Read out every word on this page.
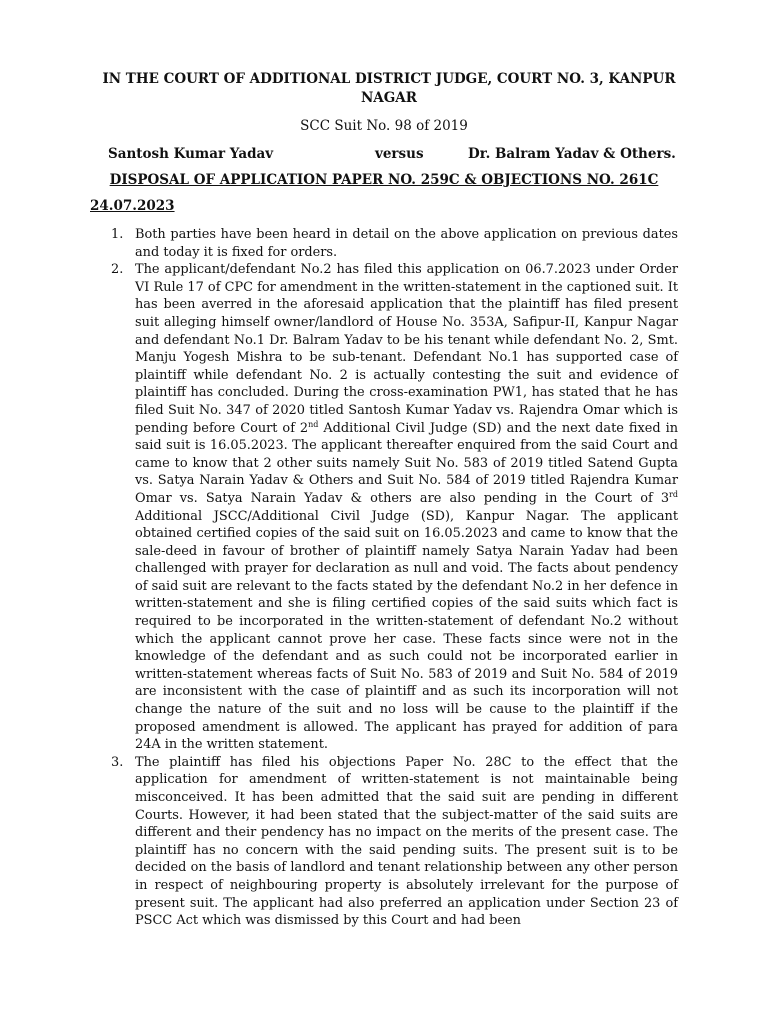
IN THE COURT OF ADDITIONAL DISTRICT JUDGE, COURT NO. 3, KANPUR NAGAR
SCC Suit No. 98 of 2019
Santosh Kumar Yadav	versus	Dr. Balram Yadav & Others.
DISPOSAL OF APPLICATION PAPER NO. 259C & OBJECTIONS NO. 261C
24.07.2023
1. Both parties have been heard in detail on the above application on previous dates and today it is fixed for orders.
2. The applicant/defendant No.2 has filed this application on 06.7.2023 under Order VI Rule 17 of CPC for amendment in the written-statement in the captioned suit. It has been averred in the aforesaid application that the plaintiff has filed present suit alleging himself owner/landlord of House No. 353A, Safipur-II, Kanpur Nagar and defendant No.1 Dr. Balram Yadav to be his tenant while defendant No. 2, Smt. Manju Yogesh Mishra to be sub-tenant. Defendant No.1 has supported case of plaintiff while defendant No. 2 is actually contesting the suit and evidence of plaintiff has concluded. During the cross-examination PW1, has stated that he has filed Suit No. 347 of 2020 titled Santosh Kumar Yadav vs. Rajendra Omar which is pending before Court of 2nd Additional Civil Judge (SD) and the next date fixed in said suit is 16.05.2023. The applicant thereafter enquired from the said Court and came to know that 2 other suits namely Suit No. 583 of 2019 titled Satend Gupta vs. Satya Narain Yadav & Others and Suit No. 584 of 2019 titled Rajendra Kumar Omar vs. Satya Narain Yadav & others are also pending in the Court of 3rd Additional JSCC/Additional Civil Judge (SD), Kanpur Nagar. The applicant obtained certified copies of the said suit on 16.05.2023 and came to know that the sale-deed in favour of brother of plaintiff namely Satya Narain Yadav had been challenged with prayer for declaration as null and void. The facts about pendency of said suit are relevant to the facts stated by the defendant No.2 in her defence in written-statement and she is filing certified copies of the said suits which fact is required to be incorporated in the written-statement of defendant No.2 without which the applicant cannot prove her case. These facts since were not in the knowledge of the defendant and as such could not be incorporated earlier in written-statement whereas facts of Suit No. 583 of 2019 and Suit No. 584 of 2019 are inconsistent with the case of plaintiff and as such its incorporation will not change the nature of the suit and no loss will be cause to the plaintiff if the proposed amendment is allowed. The applicant has prayed for addition of para 24A in the written statement.
3. The plaintiff has filed his objections Paper No. 28C to the effect that the application for amendment of written-statement is not maintainable being misconceived. It has been admitted that the said suit are pending in different Courts. However, it had been stated that the subject-matter of the said suits are different and their pendency has no impact on the merits of the present case. The plaintiff has no concern with the said pending suits. The present suit is to be decided on the basis of landlord and tenant relationship between any other person in respect of neighbouring property is absolutely irrelevant for the purpose of present suit. The applicant had also preferred an application under Section 23 of PSCC Act which was dismissed by this Court and had been
